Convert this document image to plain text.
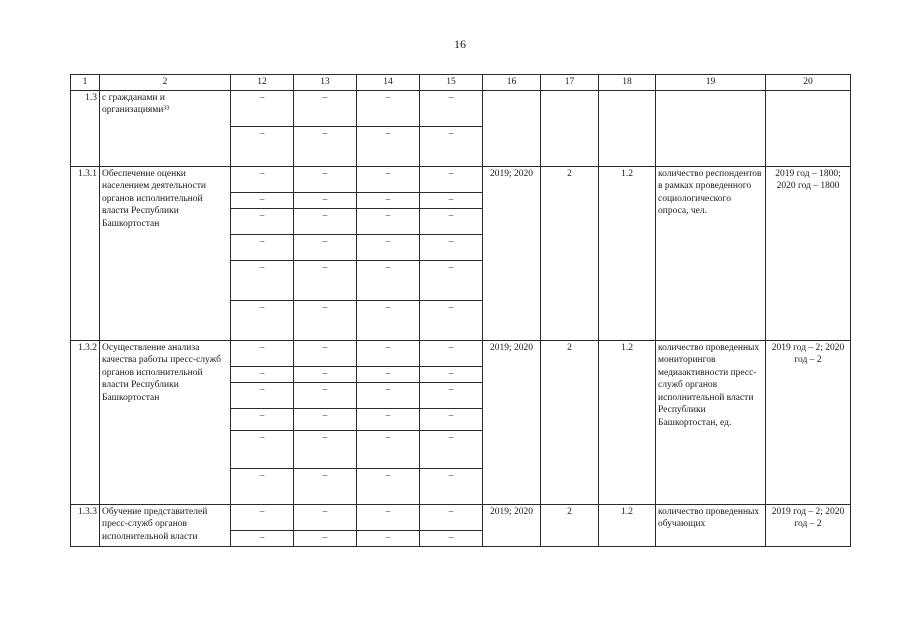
16
1	2	12	13	14	15	16	17	18	19	20
1.3	с гражданами и организациями³³	–	–	–	–					
		–	–	–	–					
1.3.1	Обеспечение оценки населением деятельности органов исполнительной власти Республики Башкортостан	–	–	–	–	2019; 2020	2	1.2	количество респондентов в рамках проведенного социологического опроса, чел.	2019 год – 1800; 2020 год – 1800
		–	–	–	–					
		–	–	–	–					
		–	–	–	–					
		–	–	–	–					
		–	–	–	–					
1.3.2	Осуществление анализа качества работы пресс-служб органов исполнительной власти Республики Башкортостан	–	–	–	–	2019; 2020	2	1.2	количество проведенных мониторингов медиаактивности пресс-служб органов исполнительной власти Республики Башкортостан, ед.	2019 год – 2; 2020 год – 2
		–	–	–	–					
		–	–	–	–					
		–	–	–	–					
		–	–	–	–					
		–	–	–	–					
1.3.3	Обучение представителей пресс-служб органов исполнительной власти	–	–	–	–	2019; 2020	2	1.2	количество проведенных обучающих	2019 год – 2; 2020 год – 2
		–	–	–	–					
